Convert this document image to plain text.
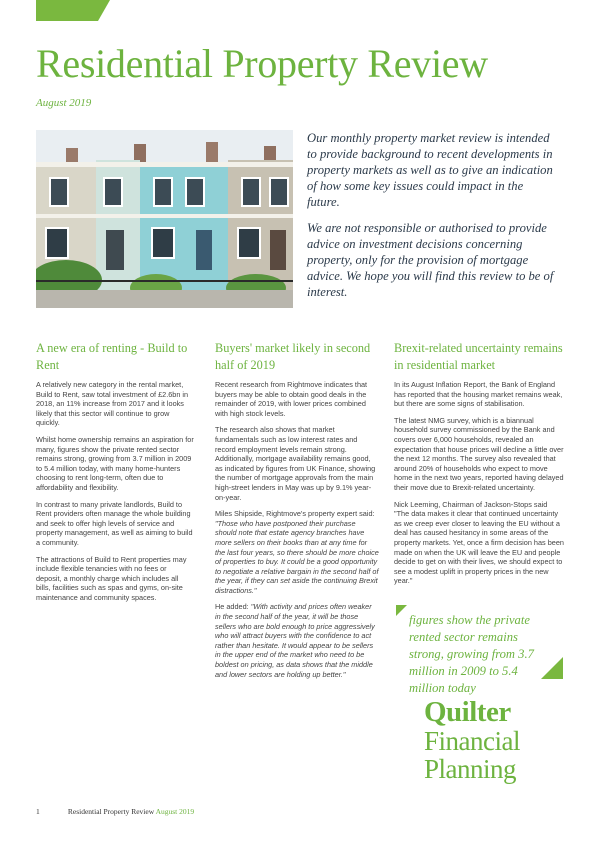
Residential Property Review
August 2019

Our monthly property market review is intended to provide background to recent developments in property markets as well as to give an indication of how some key issues could impact in the future.

We are not responsible or authorised to provide advice on investment decisions concerning property, only for the provision of mortgage advice. We hope you will find this review to be of interest.

A new era of renting - Build to Rent

A relatively new category in the rental market, Build to Rent, saw total investment of £2.6bn in 2018, an 11% increase from 2017 and it looks likely that this sector will continue to grow quickly.

Whilst home ownership remains an aspiration for many, figures show the private rented sector remains strong, growing from 3.7 million in 2009 to 5.4 million today, with many home-hunters choosing to rent long-term, often due to affordability and flexibility.

In contrast to many private landlords, Build to Rent providers often manage the whole building and seek to offer high levels of service and property management, as well as aiming to build a community.

The attractions of Build to Rent properties may include flexible tenancies with no fees or deposit, a monthly charge which includes all bills, facilities such as spas and gyms, on-site maintenance and community spaces.

Buyers' market likely in second half of 2019

Recent research from Rightmove indicates that buyers may be able to obtain good deals in the remainder of 2019, with lower prices combined with high stock levels.

The research also shows that market fundamentals such as low interest rates and record employment levels remain strong. Additionally, mortgage availability remains good, as indicated by figures from UK Finance, showing the number of mortgage approvals from the main high-street lenders in May was up by 9.1% year-on-year.

Miles Shipside, Rightmove's property expert said: "Those who have postponed their purchase should note that estate agency branches have more sellers on their books than at any time for the last four years, so there should be more choice of properties to buy. It could be a good opportunity to negotiate a relative bargain in the second half of the year, if they can set aside the continuing Brexit distractions."

He added: "With activity and prices often weaker in the second half of the year, it will be those sellers who are bold enough to price aggressively who will attract buyers with the confidence to act rather than hesitate. It would appear to be sellers in the upper end of the market who need to be boldest on pricing, as data shows that the middle and lower sectors are holding up better."

Brexit-related uncertainty remains in residential market

In its August Inflation Report, the Bank of England has reported that the housing market remains weak, but there are some signs of stabilisation.

The latest NMG survey, which is a biannual household survey commissioned by the Bank and covers over 6,000 households, revealed an expectation that house prices will decline a little over the next 12 months. The survey also revealed that around 20% of households who expect to move home in the next two years, reported having delayed their move due to Brexit-related uncertainty.

Nick Leeming, Chairman of Jackson-Stops said "The data makes it clear that continued uncertainty as we creep ever closer to leaving the EU without a deal has caused hesitancy in some areas of the property markets. Yet, once a firm decision has been made on when the UK will leave the EU and people decide to get on with their lives, we should expect to see a modest uplift in property prices in the new year."

figures show the private rented sector remains strong, growing from 3.7 million in 2009 to 5.4 million today
Quilter
Financial
Planning
1	Residential Property Review August 2019
